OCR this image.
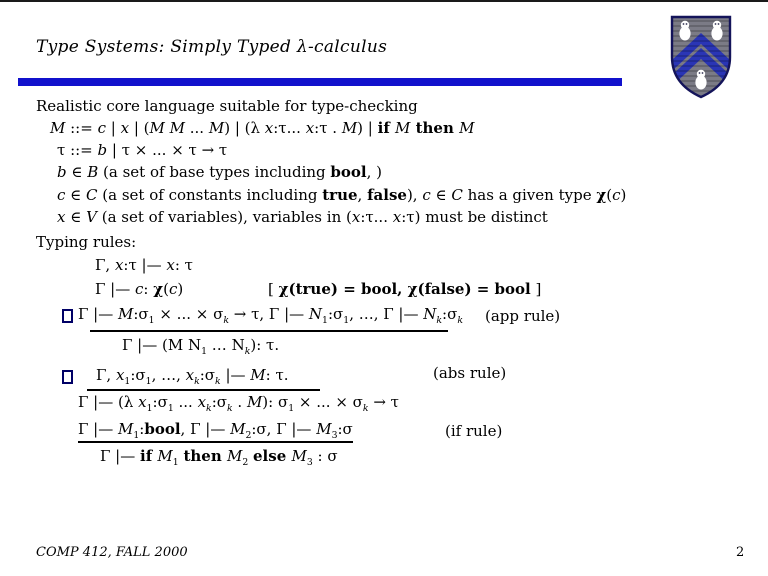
Type Systems: Simply Typed λ-calculus
Realistic core language suitable for type-checking
M ::= c | x | (M M ... M) | (λ x:τ... x:τ . M) | if M then M
τ ::= b | τ × ... × τ → τ
b ∈ B (a set of base types including bool, )
c ∈ C (a set of constants including true, false), c ∈ C has a given type χ(c)
x ∈ V (a set of variables), variables in (x:τ... x:τ) must be distinct
Typing rules:
Γ, x:τ |— x: τ
Γ |— c: χ(c)	[ χ(true) = bool, χ(false) = bool ]
Γ |— $M:\sigma_1$ × ... × $\sigma_k \to \tau$, Γ |— $N_1:\sigma_1$, …, Γ |— $N_k:\sigma_k$ (app rule)
Γ |— (M $N_1$ … $N_k$): τ.
Γ, $x_1:\sigma_1$, …, $x_k:\sigma_k$ |— M: τ.	(abs rule)
Γ |— (λ $x_1:\sigma_1$ ... $x_k:\sigma_k$ . M): $\sigma_1$ × ... × $\sigma_k \to \tau$
Γ |— $M_1:bool$, Γ |— $M_2:\sigma$, Γ |— $M_3:\sigma$	(if rule)
Γ |— if $M_1$ then $M_2$ else $M_3$ : σ
COMP 412, FALL 2000	2
